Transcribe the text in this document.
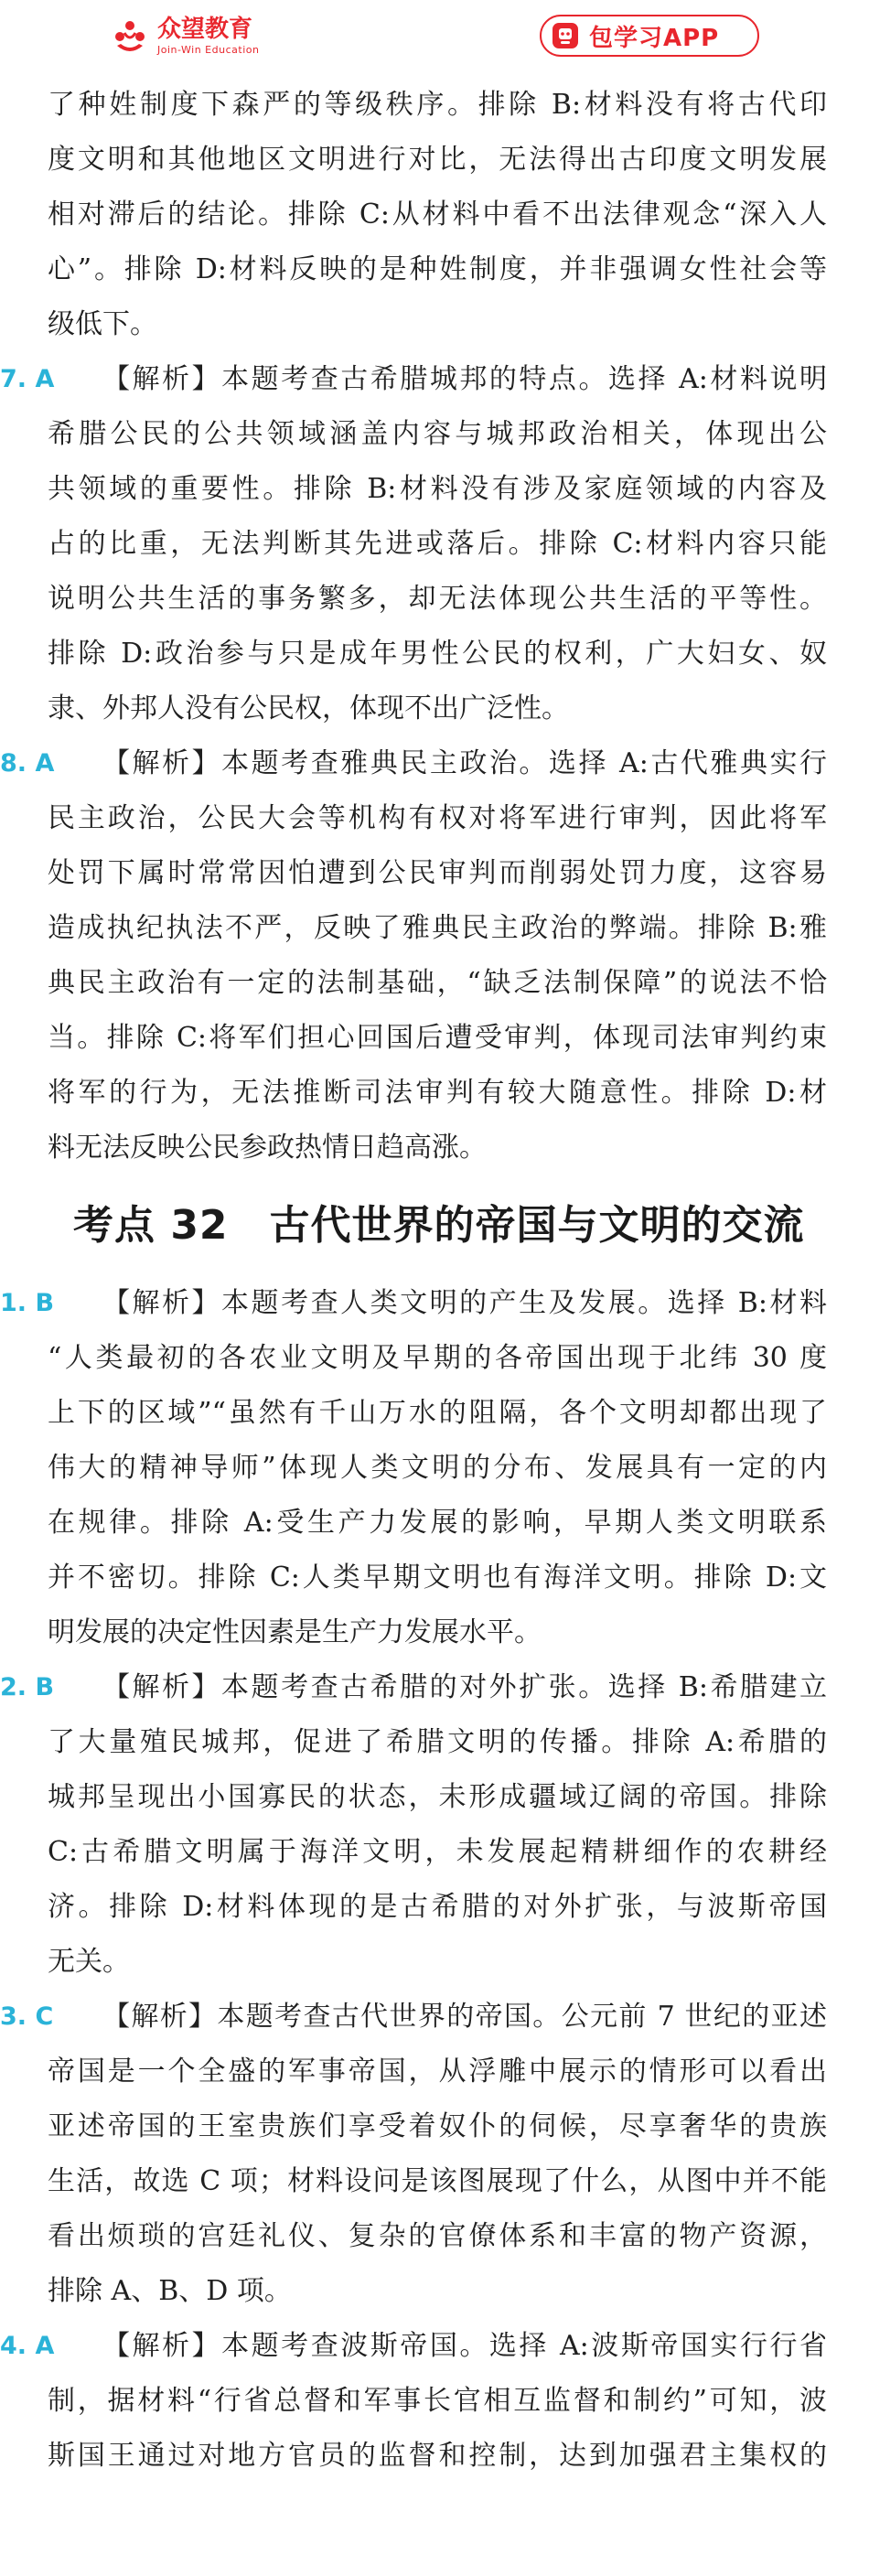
众望教育
Join-Win Education	包学习APP
了种姓制度下森严的等级秩序。排除 B:材料没有将古代印
度文明和其他地区文明进行对比，无法得出古印度文明发展
相对滞后的结论。排除 C:从材料中看不出法律观念“深入人
心”。排除 D:材料反映的是种姓制度，并非强调女性社会等
级低下。
7. A	【解析】本题考查古希腊城邦的特点。选择 A:材料说明
希腊公民的公共领域涵盖内容与城邦政治相关，体现出公
共领域的重要性。排除 B:材料没有涉及家庭领域的内容及
占的比重，无法判断其先进或落后。排除 C:材料内容只能
说明公共生活的事务繁多，却无法体现公共生活的平等性。
排除 D:政治参与只是成年男性公民的权利，广大妇女、奴
隶、外邦人没有公民权，体现不出广泛性。
8. A	【解析】本题考查雅典民主政治。选择 A:古代雅典实行
民主政治，公民大会等机构有权对将军进行审判，因此将军
处罚下属时常常因怕遭到公民审判而削弱处罚力度，这容易
造成执纪执法不严，反映了雅典民主政治的弊端。排除 B:雅
典民主政治有一定的法制基础，“缺乏法制保障”的说法不恰
当。排除 C:将军们担心回国后遭受审判，体现司法审判约束
将军的行为，无法推断司法审判有较大随意性。排除 D:材
料无法反映公民参政热情日趋高涨。
考点 32　古代世界的帝国与文明的交流
1. B	【解析】本题考查人类文明的产生及发展。选择 B:材料
“人类最初的各农业文明及早期的各帝国出现于北纬 30 度
上下的区域”“虽然有千山万水的阻隔，各个文明却都出现了
伟大的精神导师”体现人类文明的分布、发展具有一定的内
在规律。排除 A:受生产力发展的影响，早期人类文明联系
并不密切。排除 C:人类早期文明也有海洋文明。排除 D:文
明发展的决定性因素是生产力发展水平。
2. B	【解析】本题考查古希腊的对外扩张。选择 B:希腊建立
了大量殖民城邦，促进了希腊文明的传播。排除 A:希腊的
城邦呈现出小国寡民的状态，未形成疆域辽阔的帝国。排除
C:古希腊文明属于海洋文明，未发展起精耕细作的农耕经
济。排除 D:材料体现的是古希腊的对外扩张，与波斯帝国
无关。
3. C	【解析】本题考查古代世界的帝国。公元前 7 世纪的亚述
帝国是一个全盛的军事帝国，从浮雕中展示的情形可以看出
亚述帝国的王室贵族们享受着奴仆的伺候，尽享奢华的贵族
生活，故选 C 项；材料设问是该图展现了什么，从图中并不能
看出烦琐的宫廷礼仪、复杂的官僚体系和丰富的物产资源，
排除 A、B、D 项。
4. A	【解析】本题考查波斯帝国。选择 A:波斯帝国实行行省
制，据材料“行省总督和军事长官相互监督和制约”可知，波
斯国王通过对地方官员的监督和控制，达到加强君主集权的
